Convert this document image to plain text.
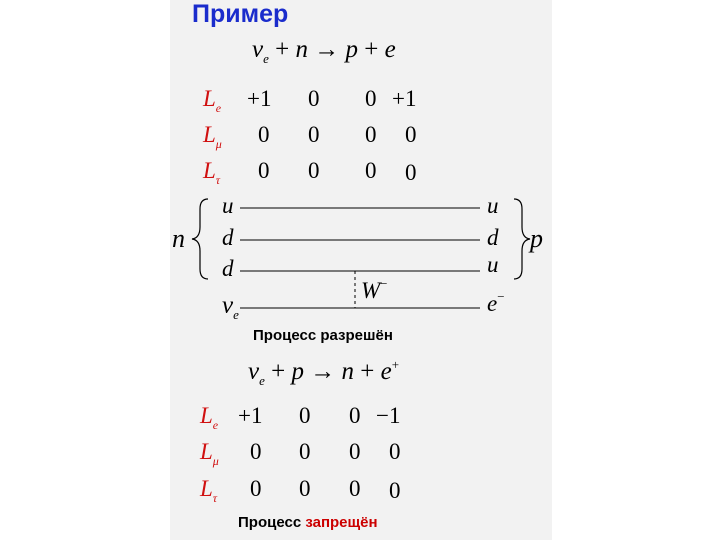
Пример
$\nu_e + n \to p + e$
$L_e$
$L_\mu$
$L_\tau$
+1 0 0 +1
0 0 0 0
0 0 0 0
n
u
d
d
u
d
u
p
W−
$\nu_e$	e−
Процесс разрешён
$\nu_e + p \to n + e^+$
$L_e$
$L_\mu$
$L_\tau$
+1 0 0 −1
0 0 0 0
0 0 0 0
Процесс запрещён
